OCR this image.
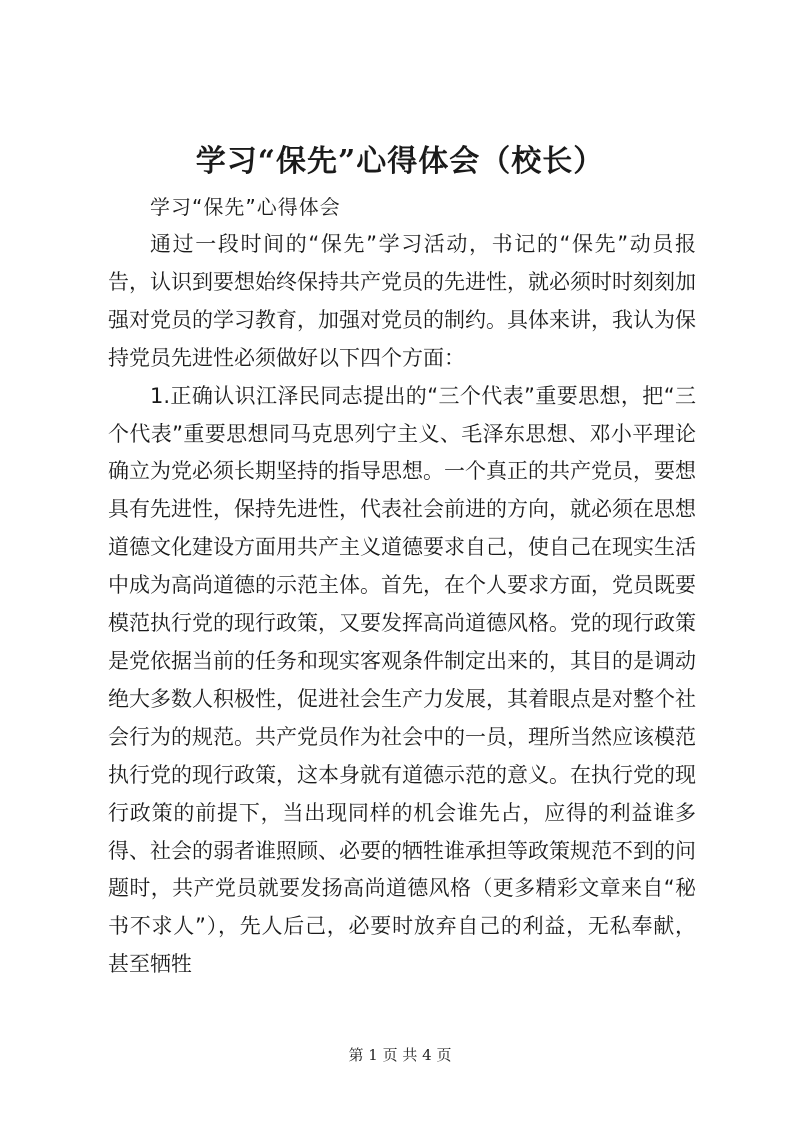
学习“保先”心得体会（校长）
学习“保先”心得体会

通过一段时间的“保先”学习活动，书记的“保先”动员报告，认识到要想始终保持共产党员的先进性，就必须时时刻刻加强对党员的学习教育，加强对党员的制约。具体来讲，我认为保持党员先进性必须做好以下四个方面：

1.正确认识江泽民同志提出的“三个代表”重要思想，把“三个代表”重要思想同马克思列宁主义、毛泽东思想、邓小平理论确立为党必须长期坚持的指导思想。一个真正的共产党员，要想具有先进性，保持先进性，代表社会前进的方向，就必须在思想道德文化建设方面用共产主义道德要求自己，使自己在现实生活中成为高尚道德的示范主体。首先，在个人要求方面，党员既要模范执行党的现行政策，又要发挥高尚道德风格。党的现行政策是党依据当前的任务和现实客观条件制定出来的，其目的是调动绝大多数人积极性，促进社会生产力发展，其着眼点是对整个社会行为的规范。共产党员作为社会中的一员，理所当然应该模范执行党的现行政策，这本身就有道德示范的意义。在执行党的现行政策的前提下，当出现同样的机会谁先占，应得的利益谁多得、社会的弱者谁照顾、必要的牺牲谁承担等政策规范不到的问题时，共产党员就要发扬高尚道德风格（更多精彩文章来自“秘书不求人”），先人后己，必要时放弃自己的利益，无私奉献，甚至牺牲

第 1 页 共 4 页
